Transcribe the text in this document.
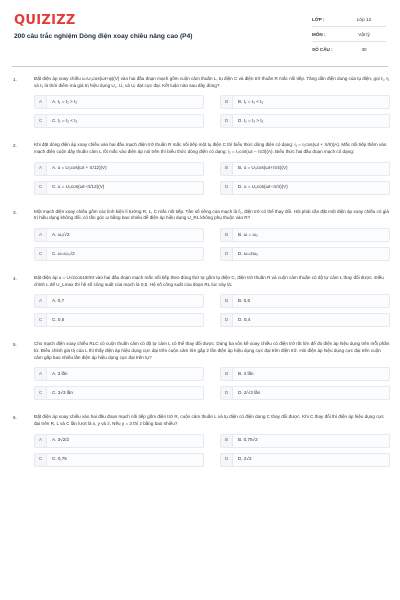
QUIZIZZ
200 câu trắc nghiệm Dòng điện xoay chiều nâng cao (P4)
LỚP :	Lớp 12
MÔN :	Vật lý
SỐ CÂU :	30
1.	Đặt điện áp xoay chiều u=U₀cos(ωt+φ)(V) vào hai đầu đoạn mạch gồm cuộn cảm thuần L, tụ điện C và điện trở thuần R mắc nối tiếp. Tăng dần điện dung của tụ điện, gọi t₁, t₂ và t₃ là thời điểm mà giá trị hiệu dụng U꜀, U꜀ và Uᵣ đạt cực đại. Kết luận nào sau đây đúng?
A	A. t₁ = t₂ > t₃	B	B. t₁ = t₃ < t₂
C	C. t₁ = t₂ < t₃	D	D. t₁ = t₃ > t₂
2.	Khi đặt dòng điện áp xoay chiều vào hai đầu mạch điện trở thuần R mắc nối tiếp một tụ điện C thì biểu thức dòng điện có dạng: i₁ = I₀cos(ωt + π/6)(A). Mắc nối tiếp thêm vào mạch điện cuộn dây thuần cảm L rồi mắc vào điện áp nói trên thì biểu thức dòng điện có dạng: i₂ = I₀cos(ωt − π/3)(A). Biểu thức hai đầu đoạn mạch có dạng:
A	A. u = U₀cos(ωt + π/12)(V)	B	B. u = U₀cos(ωt+π/4)(V)
C	C. u = U₀cos(ωt−π/12)(V)	D	D. u = U₀cos(ωt−π/4)(V)
3.	Một mạch điện xoay chiều gồm các linh kiện lí tưởng R, L, C mắc nối tiếp. Tần số riêng của mạch là f₀, điện trở có thể thay đổi. Hỏi phải cần đặt một điện áp xoay chiều có giá trị hiệu dụng không đổi, có tần góc ω bằng bao nhiêu để điện áp hiệu dụng U_RL không phụ thuộc vào R?
A	A. ω₀/√2	B	B. ω = ω₀
C	C. ω=ω₀√2	D	D. ω=2ω₀
4.	Đặt điện áp u = U√2cos100πt vào hai đầu đoạn mạch mắc nối tiếp theo đúng thứ tự gồm tụ điện C, điện trở thuần R và cuộn cảm thuần có độ tự cảm L thay đổi được. Điều chỉnh L để U_Lmax thì hệ số công suất của mạch là 0,5. Hệ số công suất của đoạn RL lúc này là:
A	A. 0,7	B	B. 0,6
C	C. 0,5	D	D. 0,4
5.	Cho mạch điện xoay chiều RLC có cuộn thuần cảm có độ tự cảm L có thể thay đổi được. Dùng ba vôn kế xoay chiều có điện trở rất lớn để đo điện áp hiệu dụng trên mỗi phần tử. Điều chỉnh giá trị của L thì thấy điện áp hiệu dụng cực đại trên cuộn cảm lớn gấp 2 lần điện áp hiệu dụng cực đại trên điện trở. Hỏi điện áp hiệu dụng cực đại trên cuộn cảm gấp bao nhiêu lần điện áp hiệu dụng cực đại trên tụ?
A	A. 3 lần	B	B. 4 lần
C	C. 3√3 lần	D	D. 2/√3 lần
6.	Đặt điện áp xoay chiều vào hai đầu đoạn mạch nối tiếp gồm điện trở R, cuộn cảm thuần L và tụ điện có điện dung C thay đổi được. Khi C thay đổi thì điện áp hiệu dụng cực đại trên R, L và C lần lượt là x, y và z. Nếu y = 3 thì z bằng bao nhiêu?
A	A. 3√2/2	B	B. 0,75√2
C	C. 0,75	D	D. 2√2
